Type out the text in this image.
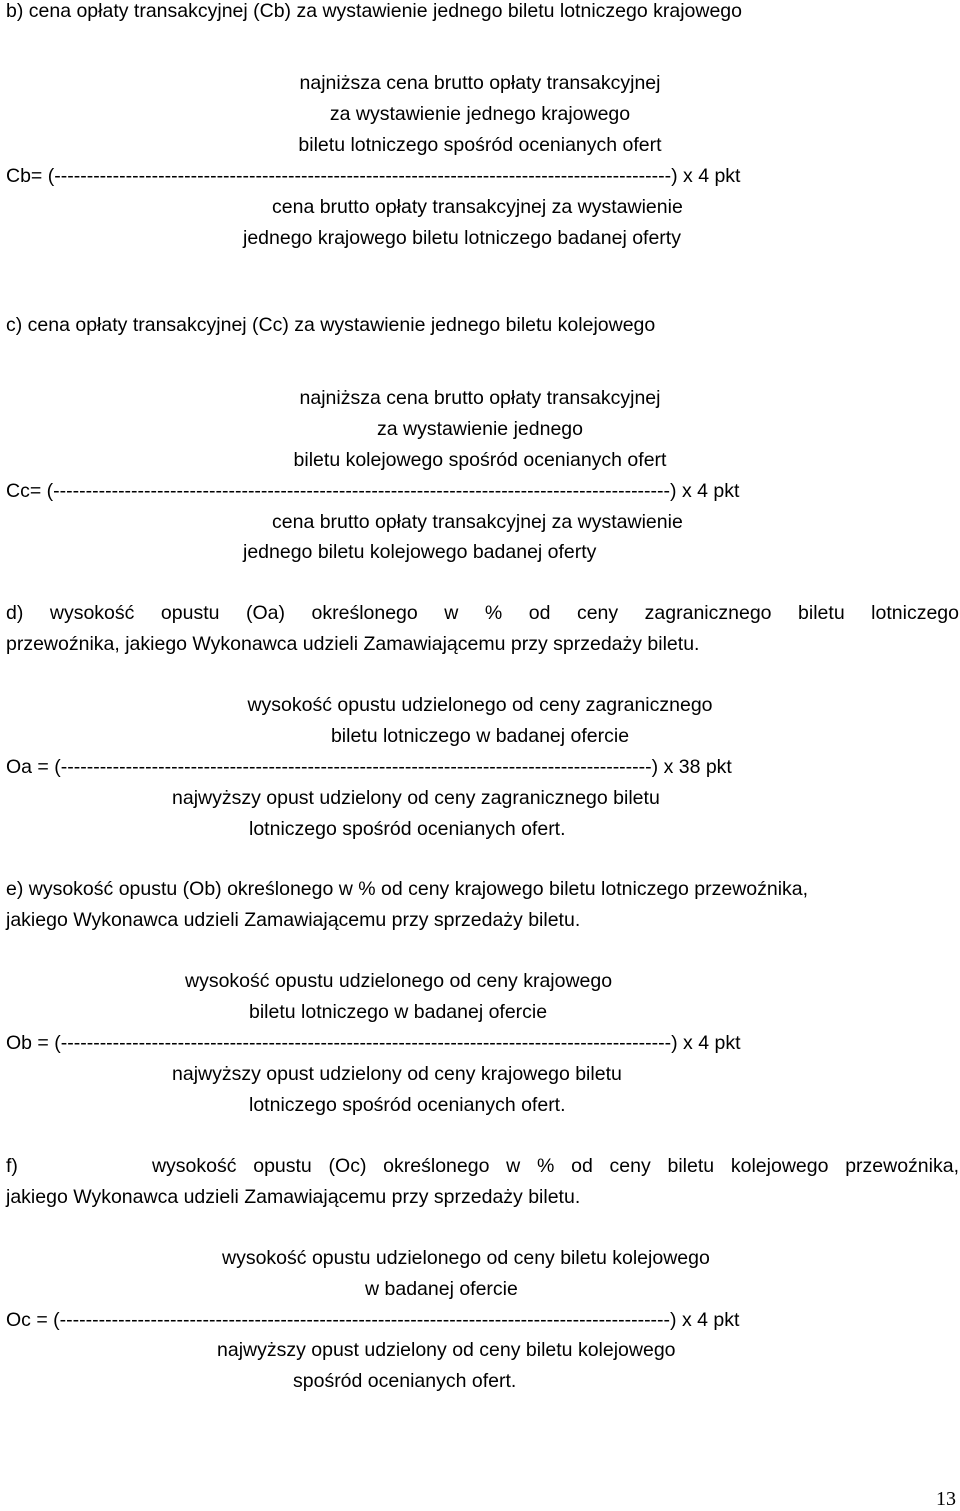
b) cena opłaty transakcyjnej (Cb) za wystawienie jednego biletu lotniczego krajowego
najniższa cena brutto opłaty transakcyjnej
za wystawienie jednego krajowego
biletu lotniczego spośród ocenianych ofert
Cb= (-----------------------------------------------------------------------------------------------) x 4 pkt
cena brutto opłaty transakcyjnej za wystawienie
jednego krajowego biletu lotniczego badanej oferty
c) cena opłaty transakcyjnej (Cc) za wystawienie jednego biletu kolejowego
najniższa cena brutto opłaty transakcyjnej
za wystawienie jednego
biletu kolejowego spośród ocenianych ofert
Cc= (-----------------------------------------------------------------------------------------------) x 4 pkt
cena brutto opłaty transakcyjnej za wystawienie
jednego biletu kolejowego badanej oferty
d) wysokość opustu (Oa) określonego w % od ceny zagranicznego biletu lotniczego
przewoźnika, jakiego Wykonawca udzieli Zamawiającemu przy sprzedaży biletu.
wysokość opustu udzielonego od ceny zagranicznego
biletu lotniczego w badanej ofercie
Oa = (-------------------------------------------------------------------------------------------) x 38 pkt
najwyższy opust udzielony od ceny zagranicznego biletu
lotniczego spośród ocenianych ofert.
e) wysokość opustu (Ob) określonego w % od ceny krajowego biletu lotniczego przewoźnika,
jakiego Wykonawca udzieli Zamawiającemu przy sprzedaży biletu.
wysokość opustu udzielonego od ceny krajowego
biletu lotniczego w badanej ofercie
Ob = (----------------------------------------------------------------------------------------------) x 4 pkt
najwyższy opust udzielony od ceny krajowego biletu
lotniczego spośród ocenianych ofert.
f)        wysokość opustu (Oc) określonego w % od ceny biletu kolejowego przewoźnika,
jakiego Wykonawca udzieli Zamawiającemu przy sprzedaży biletu.
wysokość opustu udzielonego od ceny biletu kolejowego
w badanej ofercie
Oc = (----------------------------------------------------------------------------------------------) x 4 pkt
najwyższy opust udzielony od ceny biletu kolejowego
spośród ocenianych ofert.
13
